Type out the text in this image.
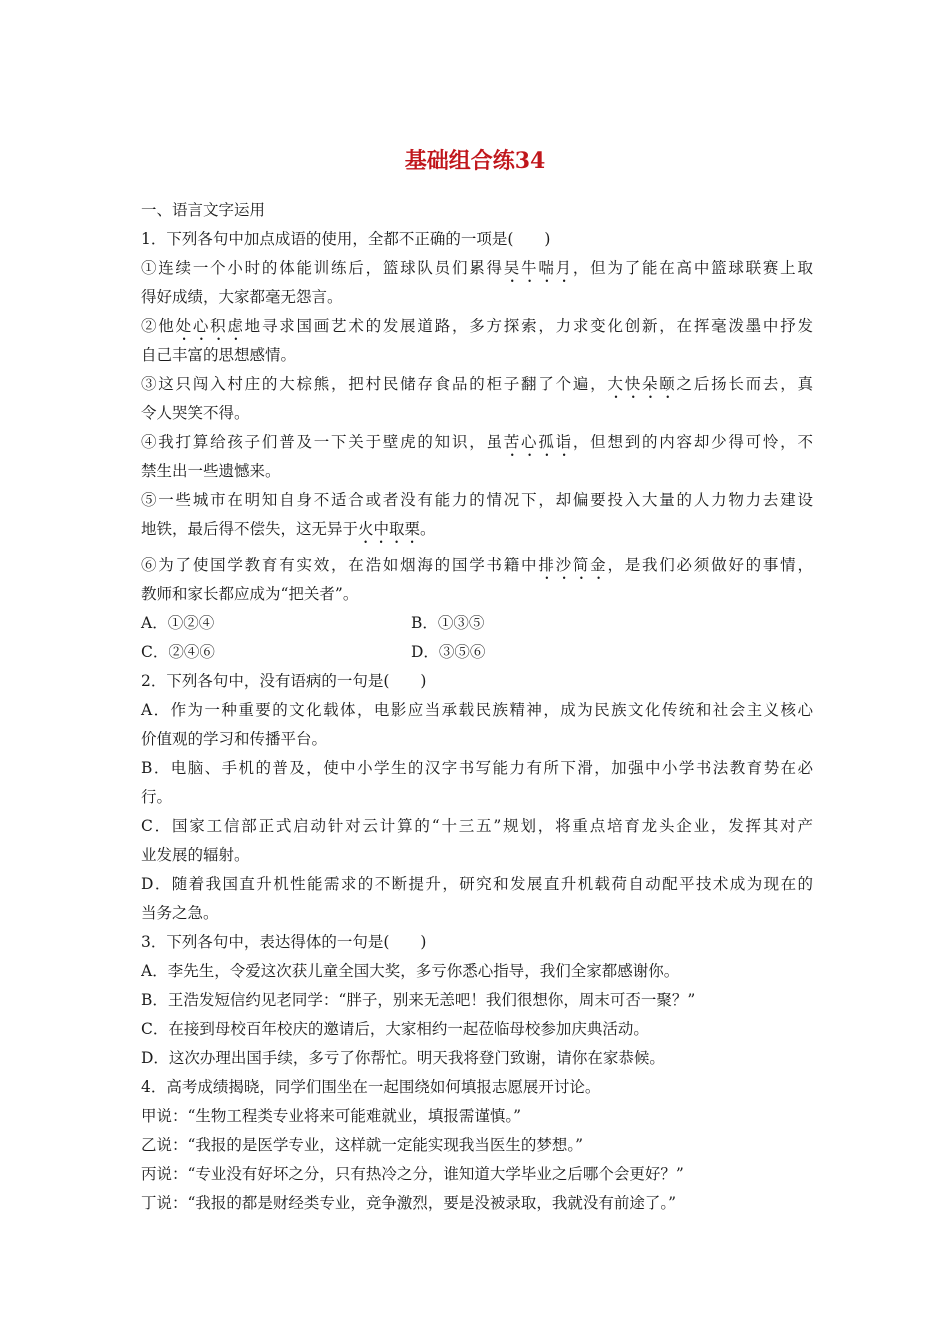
基础组合练34
一、语言文字运用
1．下列各句中加点成语的使用，全都不正确的一项是(　　)
①连续一个小时的体能训练后，篮球队员们累得吴牛喘月，但为了能在高中篮球联赛上取
得好成绩，大家都毫无怨言。
②他处心积虑地寻求国画艺术的发展道路，多方探索，力求变化创新，在挥毫泼墨中抒发
自己丰富的思想感情。
③这只闯入村庄的大棕熊，把村民储存食品的柜子翻了个遍，大快朵颐之后扬长而去，真
令人哭笑不得。
④我打算给孩子们普及一下关于壁虎的知识，虽苦心孤诣，但想到的内容却少得可怜，不
禁生出一些遗憾来。
⑤一些城市在明知自身不适合或者没有能力的情况下，却偏要投入大量的人力物力去建设
地铁，最后得不偿失，这无异于火中取栗。
⑥为了使国学教育有实效，在浩如烟海的国学书籍中排沙简金，是我们必须做好的事情，
教师和家长都应成为“把关者”。
A．①②④	B．①③⑤
C．②④⑥	D．③⑤⑥
2．下列各句中，没有语病的一句是(　　)
A．作为一种重要的文化载体，电影应当承载民族精神，成为民族文化传统和社会主义核心
价值观的学习和传播平台。
B．电脑、手机的普及，使中小学生的汉字书写能力有所下滑，加强中小学书法教育势在必
行。
C．国家工信部正式启动针对云计算的“十三五”规划，将重点培育龙头企业，发挥其对产
业发展的辐射。
D．随着我国直升机性能需求的不断提升，研究和发展直升机载荷自动配平技术成为现在的
当务之急。
3．下列各句中，表达得体的一句是(　　)
A．李先生，令爱这次获儿童全国大奖，多亏你悉心指导，我们全家都感谢你。
B．王浩发短信约见老同学：“胖子，别来无恙吧！我们很想你，周末可否一聚？”
C．在接到母校百年校庆的邀请后，大家相约一起莅临母校参加庆典活动。
D．这次办理出国手续，多亏了你帮忙。明天我将登门致谢，请你在家恭候。
4．高考成绩揭晓，同学们围坐在一起围绕如何填报志愿展开讨论。
甲说：“生物工程类专业将来可能难就业，填报需谨慎。”
乙说：“我报的是医学专业，这样就一定能实现我当医生的梦想。”
丙说：“专业没有好坏之分，只有热冷之分，谁知道大学毕业之后哪个会更好？”
丁说：“我报的都是财经类专业，竞争激烈，要是没被录取，我就没有前途了。”
